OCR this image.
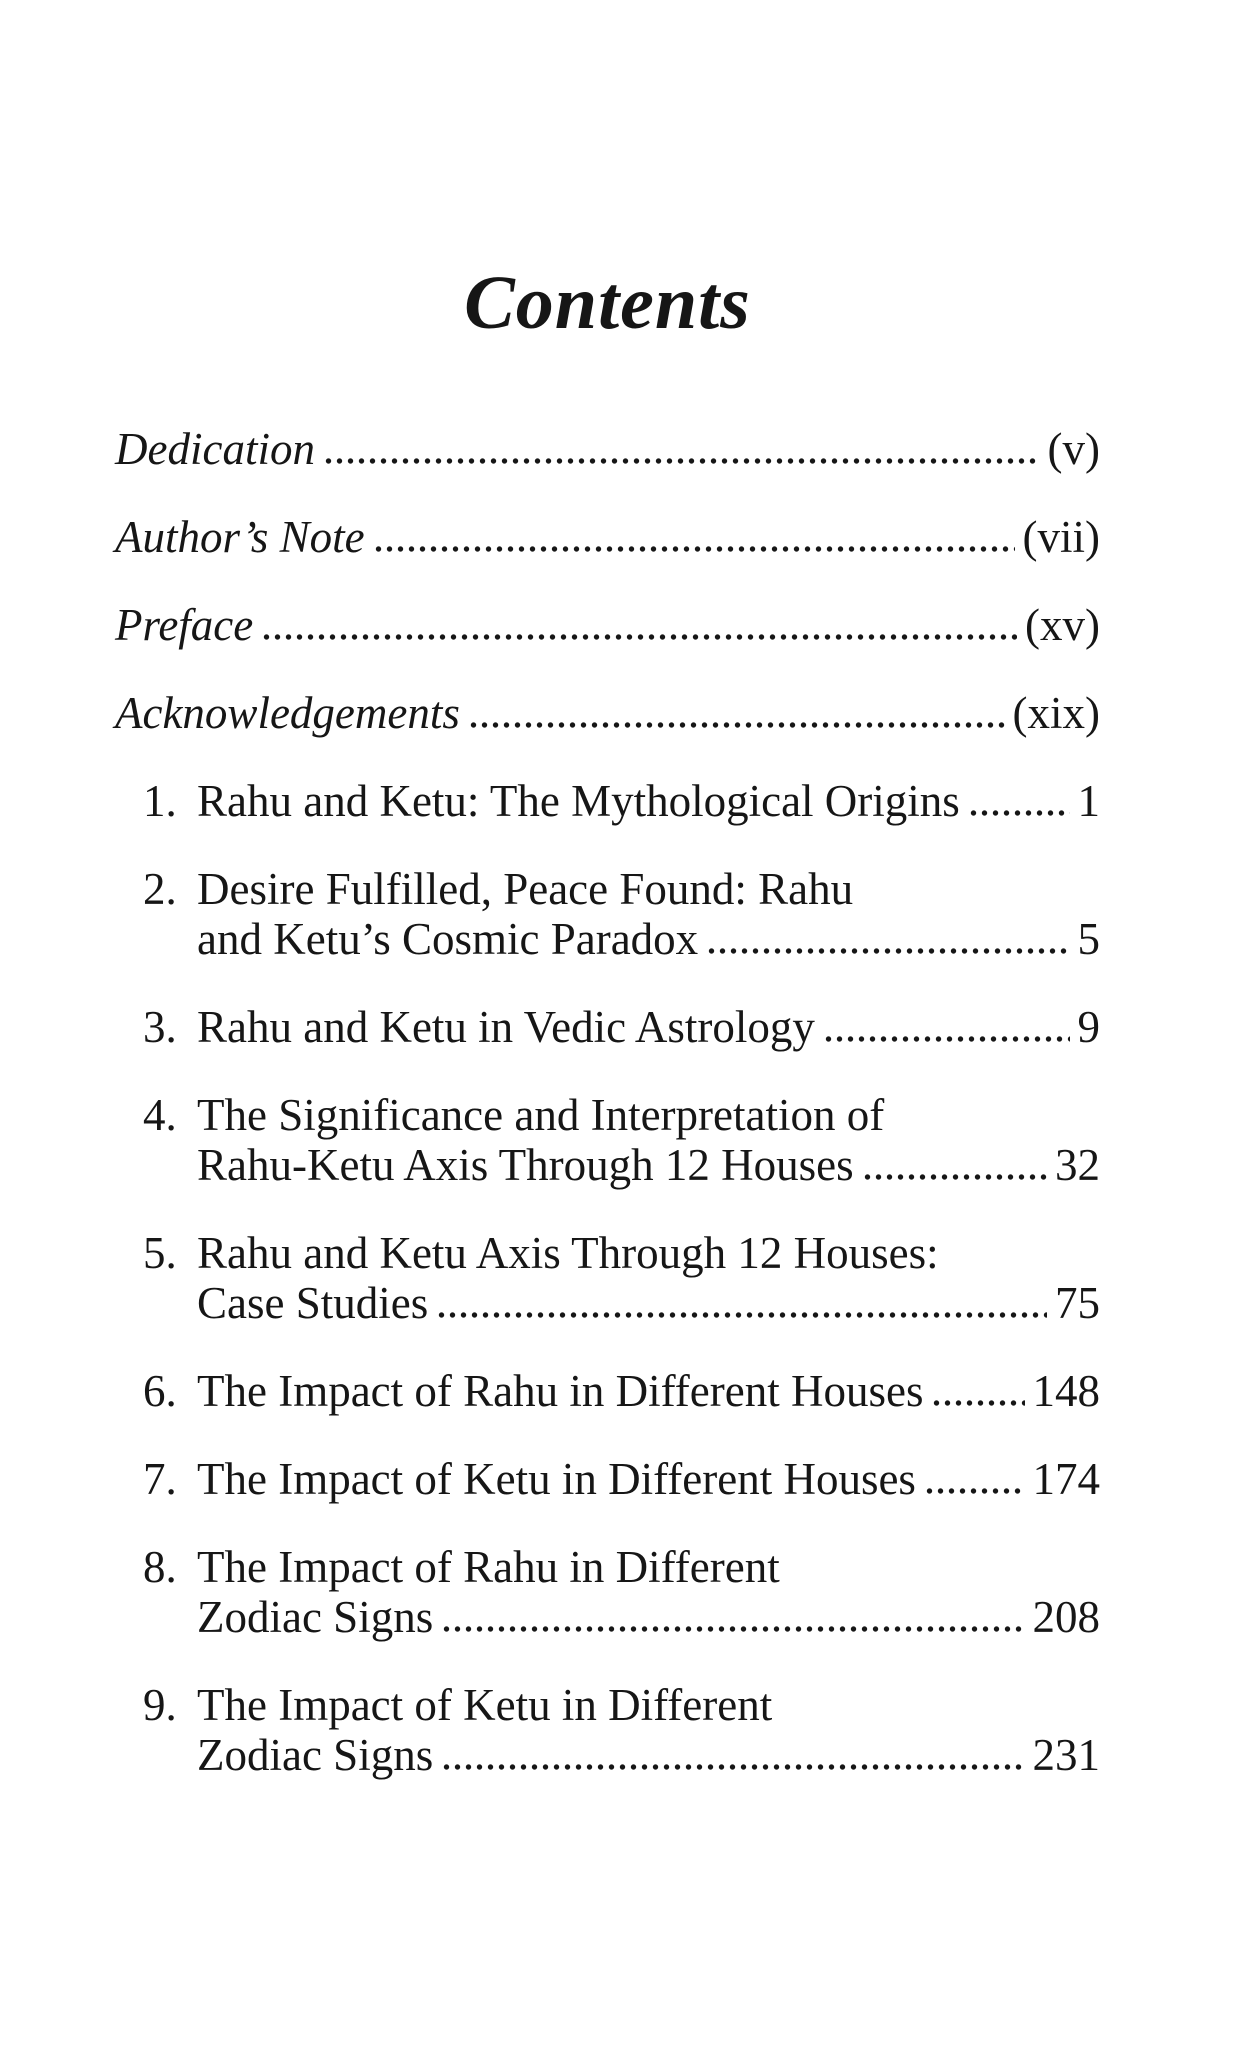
Contents
Dedication	(v)
Author’s Note	(vii)
Preface	(xv)
Acknowledgements	(xix)
1. Rahu and Ketu: The Mythological Origins	1
2. Desire Fulfilled, Peace Found: Rahu
and Ketu’s Cosmic Paradox	5
3. Rahu and Ketu in Vedic Astrology	9
4. The Significance and Interpretation of
Rahu-Ketu Axis Through 12 Houses	32
5. Rahu and Ketu Axis Through 12 Houses:
Case Studies	75
6. The Impact of Rahu in Different Houses 148
7. The Impact of Ketu in Different Houses	174
8. The Impact of Rahu in Different
Zodiac Signs	208
9. The Impact of Ketu in Different
Zodiac Signs	231
